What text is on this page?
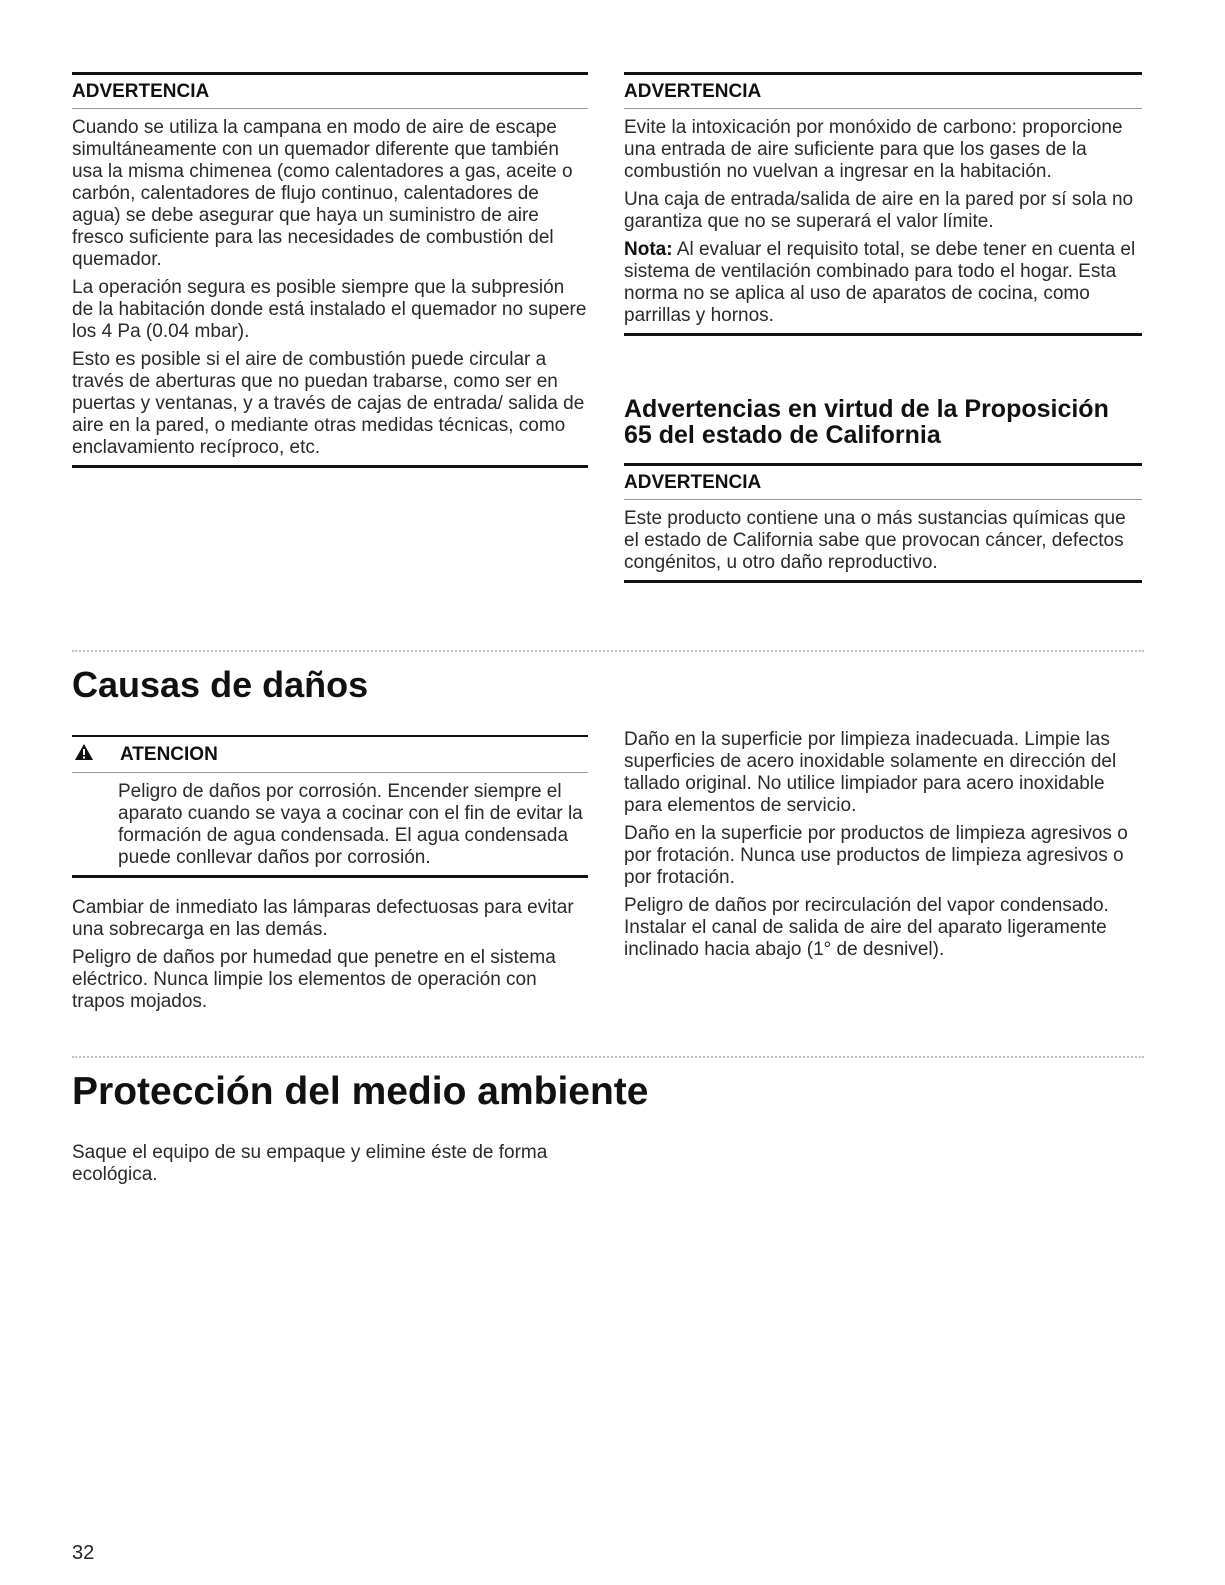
ADVERTENCIA

Cuando se utiliza la campana en modo de aire de escape simultáneamente con un quemador diferente que también usa la misma chimenea (como calentadores a gas, aceite o carbón, calentadores de flujo continuo, calentadores de agua) se debe asegurar que haya un suministro de aire fresco suficiente para las necesidades de combustión del quemador.

La operación segura es posible siempre que la subpresión de la habitación donde está instalado el quemador no supere los 4 Pa (0.04 mbar).

Esto es posible si el aire de combustión puede circular a través de aberturas que no puedan trabarse, como ser en puertas y ventanas, y a través de cajas de entrada/ salida de aire en la pared, o mediante otras medidas técnicas, como enclavamiento recíproco, etc.

ADVERTENCIA

Evite la intoxicación por monóxido de carbono: proporcione una entrada de aire suficiente para que los gases de la combustión no vuelvan a ingresar en la habitación.

Una caja de entrada/salida de aire en la pared por sí sola no garantiza que no se superará el valor límite.

Nota: Al evaluar el requisito total, se debe tener en cuenta el sistema de ventilación combinado para todo el hogar. Esta norma no se aplica al uso de aparatos de cocina, como parrillas y hornos.

Advertencias en virtud de la Proposición
65 del estado de California
ADVERTENCIA

Este producto contiene una o más sustancias químicas que el estado de California sabe que provocan cáncer, defectos congénitos, u otro daño reproductivo.

Causas de daños
ATENCION

Peligro de daños por corrosión. Encender siempre el aparato cuando se vaya a cocinar con el fin de evitar la formación de agua condensada. El agua condensada puede conllevar daños por corrosión.

Cambiar de inmediato las lámparas defectuosas para evitar una sobrecarga en las demás.

Peligro de daños por humedad que penetre en el sistema eléctrico. Nunca limpie los elementos de operación con trapos mojados.

Daño en la superficie por limpieza inadecuada. Limpie las superficies de acero inoxidable solamente en dirección del tallado original. No utilice limpiador para acero inoxidable para elementos de servicio.

Daño en la superficie por productos de limpieza agresivos o por frotación. Nunca use productos de limpieza agresivos o por frotación.

Peligro de daños por recirculación del vapor condensado. Instalar el canal de salida de aire del aparato ligeramente inclinado hacia abajo (1° de desnivel).

Protección del medio ambiente

Saque el equipo de su empaque y elimine éste de forma ecológica.

32
